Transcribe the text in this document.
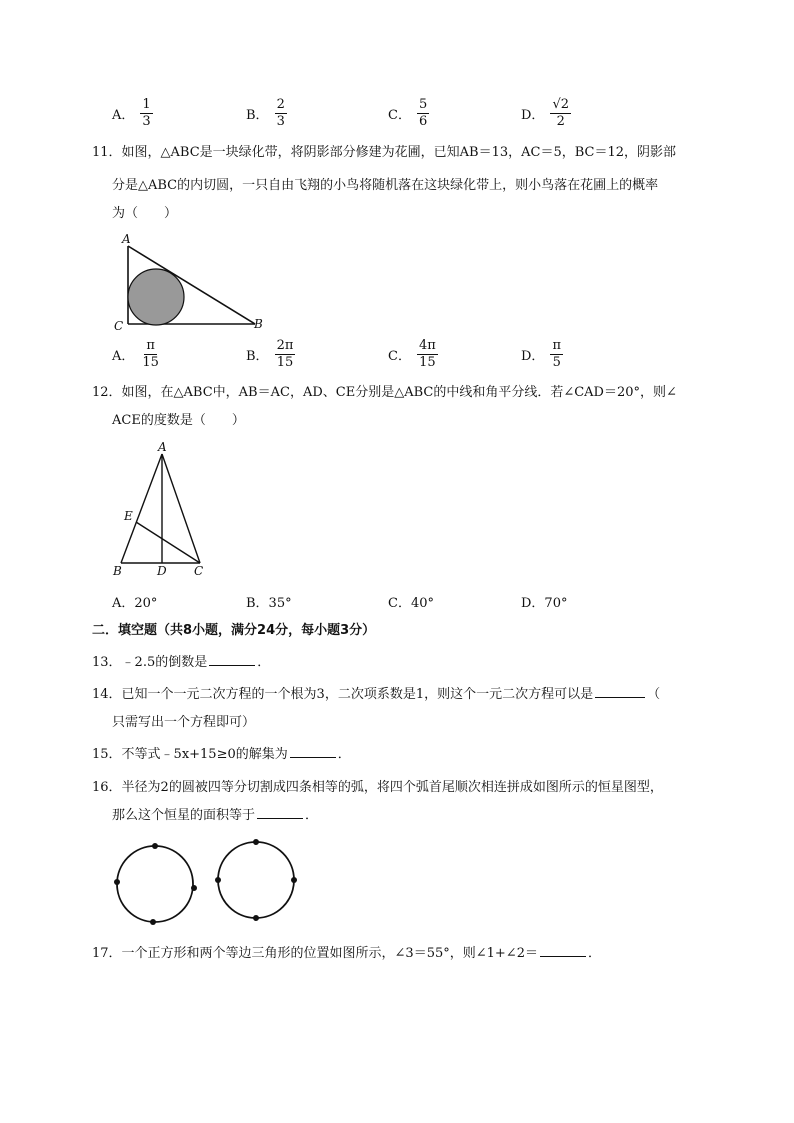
A． $\frac{1}{3}$	B． $\frac{2}{3}$	C． $\frac{5}{6}$	D． $\frac{√2}{2}$
11．如图，△ABC是一块绿化带，将阴影部分修建为花圃，已知AB＝13，AC＝5，BC＝12，阴影部
分是△ABC的内切圆，一只自由飞翔的小鸟将随机落在这块绿化带上，则小鸟落在花圃上的概率
为（　　）
A
C	B
A． $\frac{\pi}{15}$	B． $\frac{2\pi}{15}$	C． $\frac{4\pi}{15}$	D． $\frac{\pi}{5}$
12．如图，在△ABC中，AB＝AC，AD、CE分别是△ABC的中线和角平分线．若∠CAD＝20°，则∠
ACE的度数是（　　）
A
E
B	D C
A．20°	B．35°	C．40°	D．70°
二．填空题（共8小题，满分24分，每小题3分）
13．﹣2.5的倒数是	．
14．已知一个一元二次方程的一个根为3，二次项系数是1，则这个一元二次方程可以是	（
只需写出一个方程即可）
15．不等式﹣5x+15≥0的解集为	．
16．半径为2的圆被四等分切割成四条相等的弧，将四个弧首尾顺次相连拼成如图所示的恒星图型，
那么这个恒星的面积等于	．
17．一个正方形和两个等边三角形的位置如图所示，∠3＝55°，则∠1+∠2＝	．
